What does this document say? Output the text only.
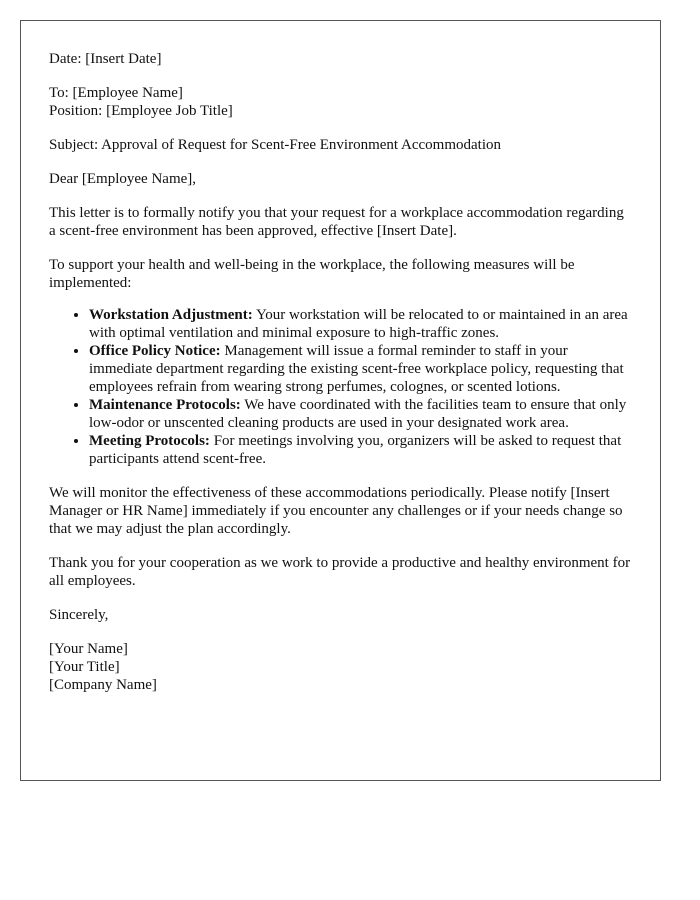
Date: [Insert Date]

To: [Employee Name]
Position: [Employee Job Title]

Subject: Approval of Request for Scent-Free Environment Accommodation

Dear [Employee Name],

This letter is to formally notify you that your request for a workplace accommodation regarding a scent-free environment has been approved, effective [Insert Date].

To support your health and well-being in the workplace, the following measures will be implemented:

• Workstation Adjustment: Your workstation will be relocated to or maintained in an area with optimal ventilation and minimal exposure to high-traffic zones.
• Office Policy Notice: Management will issue a formal reminder to staff in your immediate department regarding the existing scent-free workplace policy, requesting that employees refrain from wearing strong perfumes, colognes, or scented lotions.
• Maintenance Protocols: We have coordinated with the facilities team to ensure that only low-odor or unscented cleaning products are used in your designated work area.
• Meeting Protocols: For meetings involving you, organizers will be asked to request that participants attend scent-free.

We will monitor the effectiveness of these accommodations periodically. Please notify [Insert Manager or HR Name] immediately if you encounter any challenges or if your needs change so that we may adjust the plan accordingly.

Thank you for your cooperation as we work to provide a productive and healthy environment for all employees.

Sincerely,

[Your Name]
[Your Title]
[Company Name]
